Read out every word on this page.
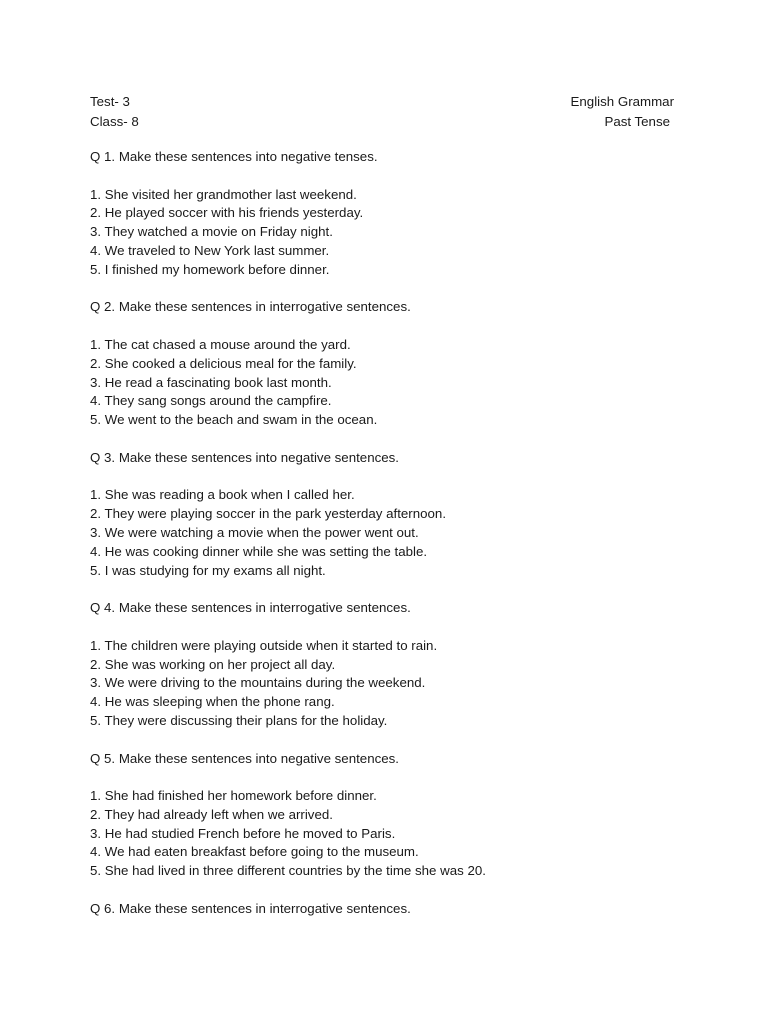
Test- 3	English Grammar
Class- 8	Past Tense
Q 1. Make these sentences into negative tenses.
1. She visited her grandmother last weekend.
2. He played soccer with his friends yesterday.
3. They watched a movie on Friday night.
4. We traveled to New York last summer.
5. I finished my homework before dinner.
Q 2. Make these sentences in interrogative sentences.
1. The cat chased a mouse around the yard.
2. She cooked a delicious meal for the family.
3. He read a fascinating book last month.
4. They sang songs around the campfire.
5. We went to the beach and swam in the ocean.
Q 3. Make these sentences into negative sentences.
1. She was reading a book when I called her.
2. They were playing soccer in the park yesterday afternoon.
3. We were watching a movie when the power went out.
4. He was cooking dinner while she was setting the table.
5. I was studying for my exams all night.
Q 4. Make these sentences in interrogative sentences.
1. The children were playing outside when it started to rain.
2. She was working on her project all day.
3. We were driving to the mountains during the weekend.
4. He was sleeping when the phone rang.
5. They were discussing their plans for the holiday.
Q 5. Make these sentences into negative sentences.
1. She had finished her homework before dinner.
2. They had already left when we arrived.
3. He had studied French before he moved to Paris.
4. We had eaten breakfast before going to the museum.
5. She had lived in three different countries by the time she was 20.
Q 6. Make these sentences in interrogative sentences.
